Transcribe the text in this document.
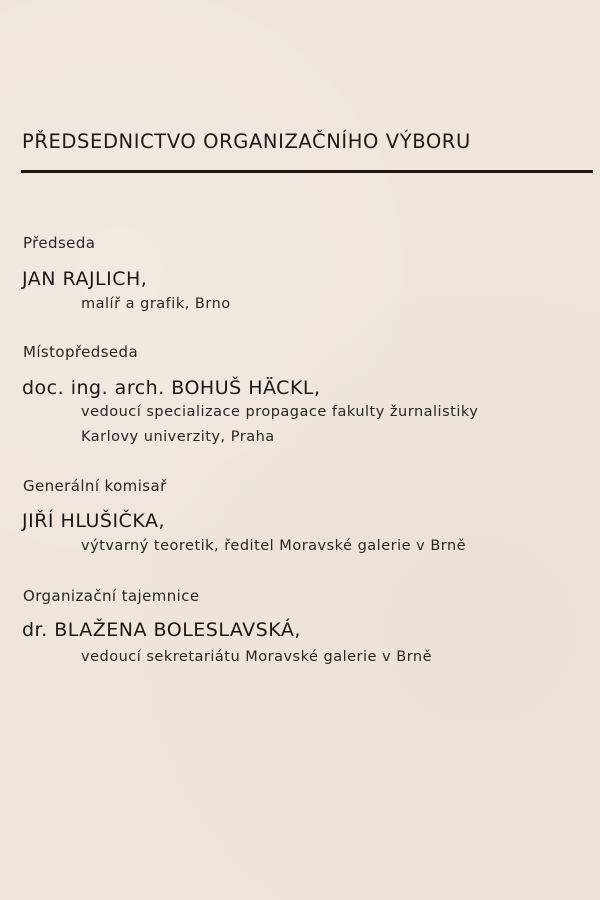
PŘEDSEDNICTVO ORGANIZAČNÍHO VÝBORU
Předseda
JAN RAJLICH,
malíř a grafik, Brno
Místopředseda
doc. ing. arch. BOHUŠ HÄCKL,
vedoucí specializace propagace fakulty žurnalistiky
Karlovy univerzity, Praha
Generální komisař
JIŘÍ HLUŠIČKA,
výtvarný teoretik, ředitel Moravské galerie v Brně
Organizační tajemnice
dr. BLAŽENA BOLESLAVSKÁ,
vedoucí sekretariátu Moravské galerie v Brně
